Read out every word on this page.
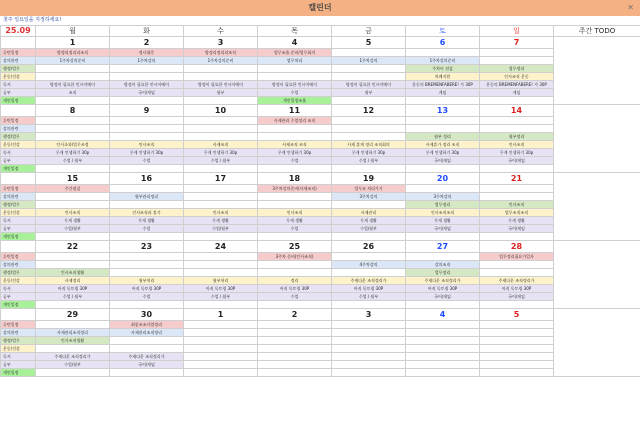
캘린더	✕
첫주 일요일을 지정하세요!
25.09	월	화	수	목	금	토	일	주간 TODO
	1	2	3	4	5	6	7	
루틴일정	방정리정리리조직	정사대응	방정리정리리조직	업무조율 준비/업무회의				
강의관련	1주차강의준비	1주차강의	1주차강의준비	업무처리	1주차강의	1주차강의준비		
행정/업무						주차이 점검	업무정리	
운동/건강						차례지원	인사조직 운동	
독서	방정이 필요한 인시이에이	방정이 필요한 인시이에이	방정이 필요한 인시이에이	방정이 필요한 인시이에이	방정이 필요한 인시이에이	운동의 BREMENFABERE! 가 30P	운동의 BREMENFABERE! 가 30P	
공부	조직	국어/게임	월부	수업	월부	게임	게임	
개인일정				개인일정조율				
	8	9	10	11	12	13	14	
루틴일정				사제관리 수업정리 조직				
강의관련								
행정/업무						월부 정리	월부정리	
운동/건강	인사초과/업무조정	인사조직	사제조직	사제조직 조직	사제 휴게 정리 조직회의	사제휴가 정리 조직	인사조직	
독서	무게 인생하기 30p	무게 인생하기 30p	무게 인생하기 30p	무게 인생하기 30p	무게 인생하기 30p	무게 인생하기 30p	무게 인생하기 30p	
공부	수업 / 월부	수업	수업 / 월부	수업	수업 / 월부	국어/게임	국어/게임	
개인일정								
	15	16	17	18	19	20	21	
루틴일정	주간점검			3주차강의준비(사제조직)	업무조 처리가기			
강의관련		월부관리정리			3주차강의	3주차강의		
행정/업무						업무정리	인사조직	
운동/건강	인사조직	인사조직과 휴가	인사조직	인사조직	사제관리	인사조직조직	업무조직조직	
독서	무게 생활	무게 생활	무게 생활	무게 생활	무게 생활	무게 생활	무게 생활	
공부	수업/월부	수업	수업/월부	수업	수업/월부	국어/게임	국어/게임	
개인일정								
	22	23	24	25	26	27	28	
루틴일정				3주차 준비(인사조직)			업무정리필요가일자	
강의관련					4주차강의	강의조직		
행정/업무	인사조직생활					업무정리		
운동/건강	사제정리	월부처리	월부처리	정리	주제다운 조직정리가	주제다운 조직정리가	주제다운 조직정리가	
독서	아직 독토링 30P	아직 독토링 30P	아직 독토링 30P	아직 독토링 30P	아직 독토링 30P	아직 독토링 30P	아직 독토링 30P	
공부	수업 / 월부	수업	수업 / 월부	수업	수업 / 월부	국어/게임	국어/게임	
개인일정								
	29	30	1	2	3	4	5	
루틴일정		최종조조사업정리						
강의관련	사제관리조직정리	사제관리조직정리						
행정/업무	인사조직생활							
운동/건강								
독서	주제다운 조직정리가	주제다운 조직정리가						
공부	수업/월부	국어/게임						
개인일정								
